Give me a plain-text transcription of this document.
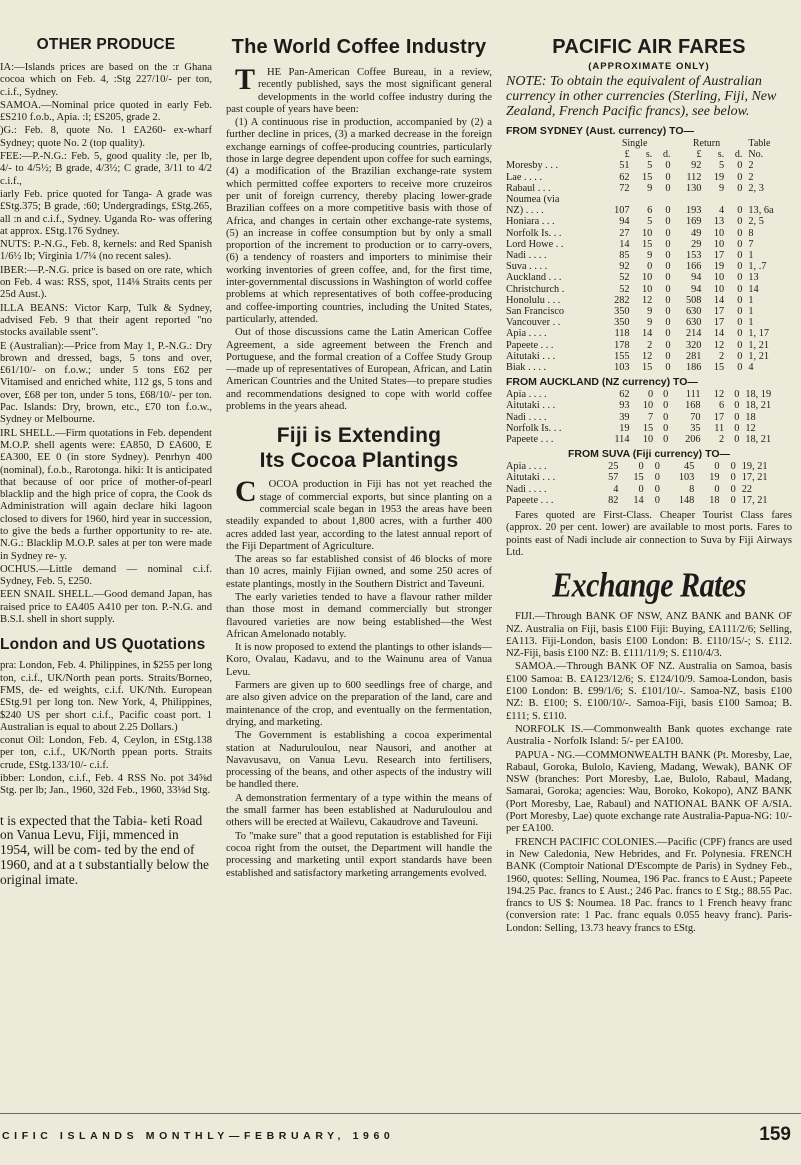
OTHER PRODUCE

IA:—Islands prices are based on the :r Ghana cocoa which on Feb. 4, :Stg 227/10/- per ton, c.i.f., Sydney.

SAMOA.—Nominal price quoted in early Feb. £S210 f.o.b., Apia. :l; £S205, grade 2.

)G.: Feb. 8, quote No. 1 £A260- ex-wharf Sydney; quote No. 2 (top quality).

FEE:—P.-N.G.: Feb. 5, good quality :le, per lb, 4/- to 4/5½; B grade, 4/3½; C grade, 3/11 to 4/2 c.i.f.,

iarly Feb. price quoted for Tanga- A grade was £Stg.375; B grade, :60; Undergradings, £Stg.265, all :n and c.i.f., Sydney. Uganda Ro- was offering at approx. £Stg.176 Sydney.

NUTS: P.-N.G., Feb. 8, kernels: and Red Spanish 1/6½ lb; Virginia 1/7¼ (no recent sales).

IBER:—P.-N.G. price is based on ore rate, which on Feb. 4 was: RSS, spot, 114⅛ Straits cents per 25d Aust.).

ILLA BEANS: Victor Karp, Tulk & Sydney, advised Feb. 9 that their agent reported "no stocks available ssent".

E (Australian):—Price from May 1, P.-N.G.: Dry brown and dressed, bags, 5 tons and over, £61/10/- on f.o.w.; under 5 tons £62 per Vitamised and enriched white, 112 gs, 5 tons and over, £68 per ton, under 5 tons, £68/10/- per ton. Pac. Islands: Dry, brown, etc., £70 ton f.o.w., Sydney or Melbourne.

IRL SHELL.—Firm quotations in Feb. dependent M.O.P. shell agents were: £A850, D £A600, E £A300, EE 0 (in store Sydney). Penrhyn 400 (nominal), f.o.b., Rarotonga. hiki: It is anticipated that because of oor price of mother-of-pearl blacklip and the high price of copra, the Cook ds Administration will again declare hiki lagoon closed to divers for 1960, hird year in succession, to give the beds a further opportunity to re- ate. N.G.: Blacklip M.O.P. sales at per ton were made in Sydney re- y.

OCHUS.—Little demand — nominal c.i.f. Sydney, Feb. 5, £250.

EEN SNAIL SHELL.—Good demand Japan, has raised price to £A405 A410 per ton. P.-N.G. and B.S.I. shell in short supply.

London and US Quotations

pra: London, Feb. 4. Philippines, in $255 per long ton, c.i.f., UK/North pean ports. Straits/Borneo, FMS, de- ed weights, c.i.f. UK/Nth. European £Stg.91 per long ton. New York, 4, Philippines, $240 US per short c.i.f., Pacific coast port. 1 Australian is equal to about 2.25 Dollars.)

conut Oil: London, Feb. 4, Ceylon, in £Stg.138 per ton, c.i.f., UK/North ppean ports. Straits crude, £Stg.133/10/- c.i.f.

ibber: London, c.i.f., Feb. 4 RSS No. pot 34⅝d Stg. per lb; Jan., 1960, 32d Feb., 1960, 33⅛d Stg.

t is expected that the Tabia- keti Road on Vanua Levu, Fiji, mmenced in 1954, will be com- ted by the end of 1960, and at a t substantially below the original imate.
The World Coffee Industry

THE Pan-American Coffee Bureau, in a review, recently published, says the most significant general developments in the world coffee industry during the past couple of years have been:

(1) A continuous rise in production, accompanied by (2) a further decline in prices, (3) a marked decrease in the foreign exchange earnings of coffee-producing countries, particularly those in large degree dependent upon coffee for such earnings, (4) a modification of the Brazilian exchange-rate system which permitted coffee exporters to receive more cruzeiros per unit of foreign currency, thereby placing lower-grade Brazilian coffees on a more competitive basis with those of Africa, and changes in certain other exchange-rate systems, (5) an increase in coffee consumption but by only a small proportion of the increment to production or to carry-overs, (6) a tendency of roasters and importers to minimise their working inventories of green coffee, and, for the first time, inter-governmental discussions in Washington of world coffee problems at which representatives of both coffee-producing and coffee-importing countries, including the United States, particularly, attended.

Out of those discussions came the Latin American Coffee Agreement, a side agreement between the French and Portuguese, and the formal creation of a Coffee Study Group—made up of representatives of European, African, and Latin American Countries and the United States—to prepare studies and recommendations designed to cope with world coffee problems in the years ahead.

Fiji is Extending
Its Cocoa Plantings

COCOA production in Fiji has not yet reached the stage of commercial exports, but since planting on a commercial scale began in 1953 the areas have been steadily expanded to about 1,800 acres, with a further 400 acres added last year, according to the latest annual report of the Fiji Department of Agriculture.

The areas so far established consist of 46 blocks of more than 10 acres, mainly Fijian owned, and some 250 acres of estate plantings, mostly in the Southern District and Taveuni.

The early varieties tended to have a flavour rather milder than those most in demand commercially but stronger flavoured varieties are now being established—the West African Amelonado notably.

It is now proposed to extend the plantings to other islands—Koro, Ovalau, Kadavu, and to the Wainunu area of Vanua Levu.

Farmers are given up to 600 seedlings free of charge, and are also given advice on the preparation of the land, care and maintenance of the crop, and eventually on the fermentation, drying, and marketing.

The Government is establishing a cocoa experimental station at Naduruloulou, near Nausori, and another at Navavusavu, on Vanua Levu. Research into fertilisers, processing of the beans, and other aspects of the industry will be handled there.

A demonstration fermentary of a type within the means of the small farmer has been established at Naduruloulou and others will be erected at Wailevu, Cakaudrove and Taveuni.

To "make sure" that a good reputation is established for Fiji cocoa right from the outset, the Department will handle the processing and marketing until export standards have been established and satisfactory marketing arrangements evolved.

PACIFIC AIR FARES
(APPROXIMATE ONLY)
NOTE: To obtain the equivalent of Australian currency in other currencies (Sterling, Fiji, New Zealand, French Pacific francs), see below.
FROM SYDNEY (Aust. currency) TO—
	Single			Return			Table
	£	s.	d.	£	s.	d.	No.
Moresby . . .	51	5	0	92	5	0	2
Lae . . . .	62	15	0	112	19	0	2
Rabaul . . .	72	9	0	130	9	0	2, 3
Noumea (via							
NZ) . . . .	107	6	0	193	4	0	13, 6a
Honiara . . .	94	5	0	169	13	0	2, 5
Norfolk Is. . .	27	10	0	49	10	0	8
Lord Howe . .	14	15	0	29	10	0	7
Nadi . . . .	85	9	0	153	17	0	1
Suva . . . .	92	0	0	166	19	0	1, .7
Auckland . . .	52	10	0	94	10	0	13
Christchurch .	52	10	0	94	10	0	14
Honolulu . . .	282	12	0	508	14	0	1
San Francisco	350	9	0	630	17	0	1
Vancouver . .	350	9	0	630	17	0	1
Apia . . . .	118	14	0	214	14	0	1, 17
Papeete . . .	178	2	0	320	12	0	1, 21
Aitutaki . . .	155	12	0	281	2	0	1, 21
Biak . . . .	103	15	0	186	15	0	4
FROM AUCKLAND (NZ currency) TO—
Apia . . . .	62	0	0	111	12	0	18, 19
Aitutaki . . .	93	10	0	168	6	0	18, 21
Nadi . . . .	39	7	0	70	17	0	18
Norfolk Is. . .	19	15	0	35	11	0	12
Papeete . . .	114	10	0	206	2	0	18, 21
FROM SUVA (Fiji currency) TO—
Apia . . . .	25	0	0	45	0	0	19, 21
Aitutaki . . .	57	15	0	103	19	0	17, 21
Nadi . . . .	4	0	0	8	0	0	22
Papeete . . .	82	14	0	148	18	0	17, 21
Fares quoted are First-Class. Cheaper Tourist Class fares (approx. 20 per cent. lower) are available to most ports. Fares to points east of Nadi include air connection to Suva by Fiji Airways Ltd.
Exchange Rates

FIJI.—Through BANK OF NSW, ANZ BANK and BANK OF NZ. Australia on Fiji, basis £100 Fiji: Buying, £A111/2/6; Selling, £A113. Fiji-London, basis £100 London: B. £110/15/-; S. £112. NZ-Fiji, basis £100 NZ: B. £111/11/9; S. £110/4/3.

SAMOA.—Through BANK OF NZ. Australia on Samoa, basis £100 Samoa: B. £A123/12/6; S. £124/10/9. Samoa-London, basis £100 London: B. £99/1/6; S. £101/10/-. Samoa-NZ, basis £100 NZ: B. £100; S. £100/10/-. Samoa-Fiji, basis £100 Samoa; B. £111; S. £110.

NORFOLK IS.—Commonwealth Bank quotes exchange rate Australia - Norfolk Island: 5/- per £A100.

PAPUA - NG.—COMMONWEALTH BANK (Pt. Moresby, Lae, Rabaul, Goroka, Bulolo, Kavieng, Madang, Wewak), BANK OF NSW (branches: Port Moresby, Lae, Bulolo, Rabaul, Madang, Samarai, Goroka; agencies: Wau, Boroko, Kokopo), ANZ BANK (Port Moresby, Lae, Rabaul) and NATIONAL BANK OF A/SIA. (Port Moresby, Lae) quote exchange rate Australia-Papua-NG: 10/- per £A100.

FRENCH PACIFIC COLONIES.—Pacific (CPF) francs are used in New Caledonia, New Hebrides, and Fr. Polynesia. FRENCH BANK (Comptoir National D'Escompte de Paris) in Sydney Feb., 1960, quotes: Selling, Noumea, 196 Pac. francs to £ Aust.; Papeete 194.25 Pac. francs to £ Aust.; 246 Pac. francs to £ Stg.; 88.55 Pac. francs to US $: Noumea. 18 Pac. francs to 1 French heavy franc (conversion rate: 1 Pac. franc equals 0.055 heavy franc). Paris-London: Selling, 13.73 heavy francs to £Stg.

CIFIC ISLANDS MONTHLY—FEBRUARY, 1960	159
